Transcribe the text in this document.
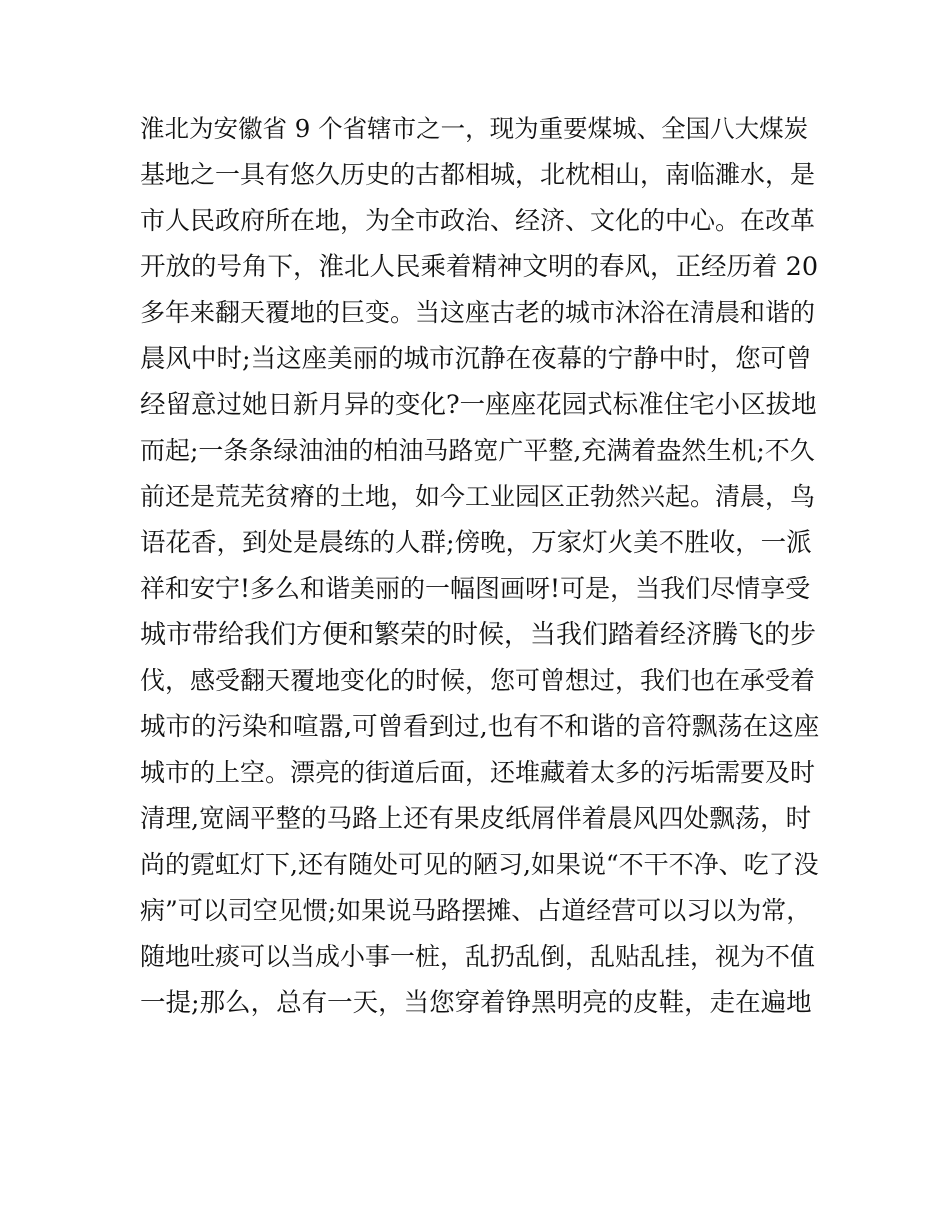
淮北为安徽省 9 个省辖市之一，现为重要煤城、全国八大煤炭
基地之一具有悠久历史的古都相城，北枕相山，南临濉水，是
市人民政府所在地，为全市政治、经济、文化的中心。在改革
开放的号角下，淮北人民乘着精神文明的春风，正经历着 20
多年来翻天覆地的巨变。当这座古老的城市沐浴在清晨和谐的
晨风中时;当这座美丽的城市沉静在夜幕的宁静中时，您可曾
经留意过她日新月异的变化?一座座花园式标准住宅小区拔地
而起;一条条绿油油的柏油马路宽广平整,充满着盎然生机;不久
前还是荒芜贫瘠的土地，如今工业园区正勃然兴起。清晨，鸟
语花香，到处是晨练的人群;傍晚，万家灯火美不胜收，一派
祥和安宁!多么和谐美丽的一幅图画呀!可是，当我们尽情享受
城市带给我们方便和繁荣的时候，当我们踏着经济腾飞的步
伐，感受翻天覆地变化的时候，您可曾想过，我们也在承受着
城市的污染和喧嚣,可曾看到过,也有不和谐的音符飘荡在这座
城市的上空。漂亮的街道后面，还堆藏着太多的污垢需要及时
清理,宽阔平整的马路上还有果皮纸屑伴着晨风四处飘荡，时
尚的霓虹灯下,还有随处可见的陋习,如果说“不干不净、吃了没
病”可以司空见惯;如果说马路摆摊、占道经营可以习以为常，
随地吐痰可以当成小事一桩，乱扔乱倒，乱贴乱挂，视为不值
一提;那么，总有一天，当您穿着铮黑明亮的皮鞋，走在遍地
